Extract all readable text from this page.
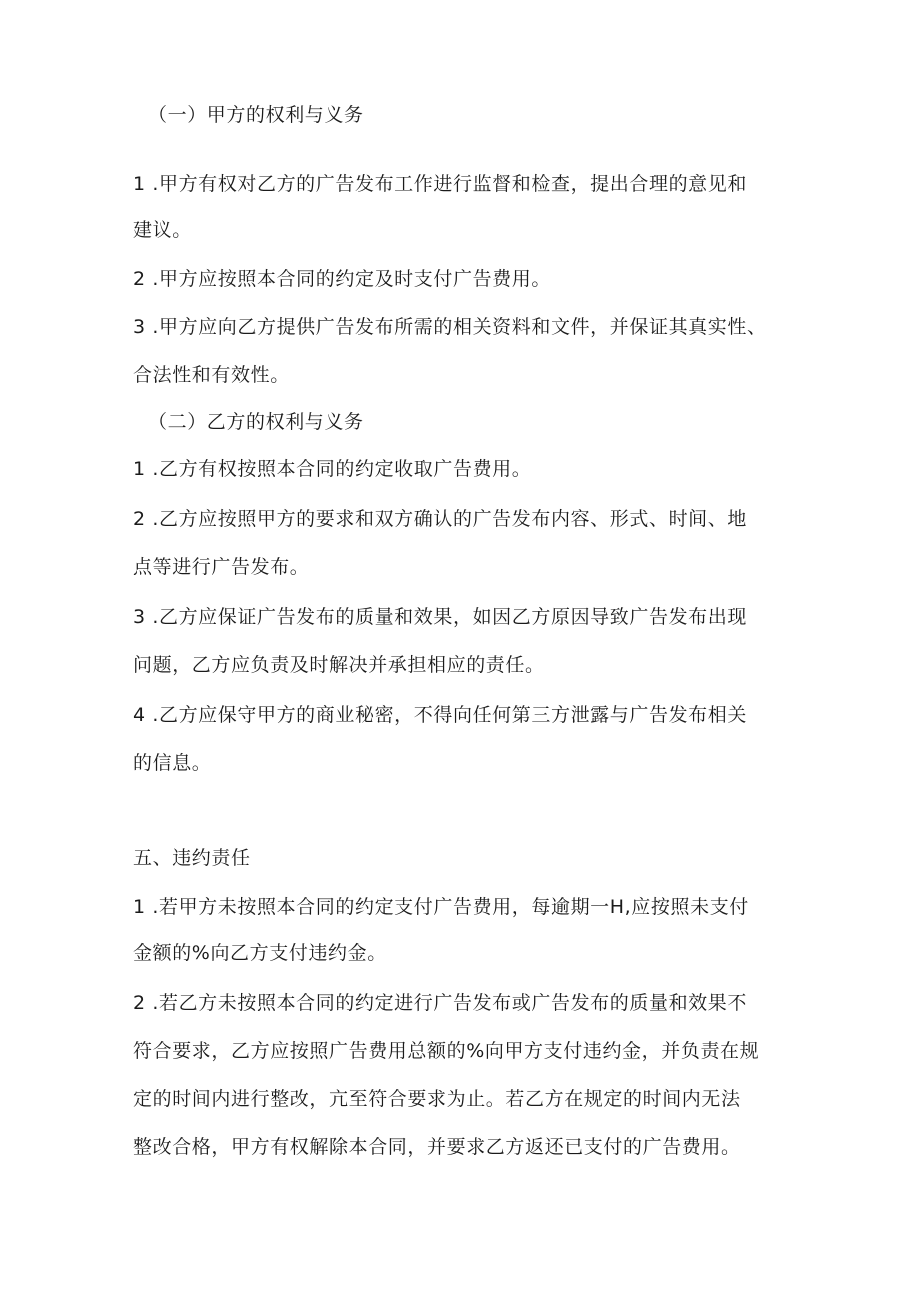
（一）甲方的权利与义务
1 .甲方有权对乙方的广告发布工作进行监督和检查，提出合理的意见和
建议。
2 .甲方应按照本合同的约定及时支付广告费用。
3 .甲方应向乙方提供广告发布所需的相关资料和文件，并保证其真实性、
合法性和有效性。
（二）乙方的权利与义务
1 .乙方有权按照本合同的约定收取广告费用。
2 .乙方应按照甲方的要求和双方确认的广告发布内容、形式、时间、地
点等进行广告发布。
3 .乙方应保证广告发布的质量和效果，如因乙方原因导致广告发布出现
问题，乙方应负责及时解决并承担相应的责任。
4 .乙方应保守甲方的商业秘密，不得向任何第三方泄露与广告发布相关
的信息。
五、违约责任
1 .若甲方未按照本合同的约定支付广告费用，每逾期一H,应按照未支付
金额的%向乙方支付违约金。
2 .若乙方未按照本合同的约定进行广告发布或广告发布的质量和效果不
符合要求，乙方应按照广告费用总额的%向甲方支付违约金，并负责在规
定的时间内进行整改，亢至符合要求为止。若乙方在规定的时间内无法
整改合格，甲方有权解除本合同，并要求乙方返还已支付的广告费用。
